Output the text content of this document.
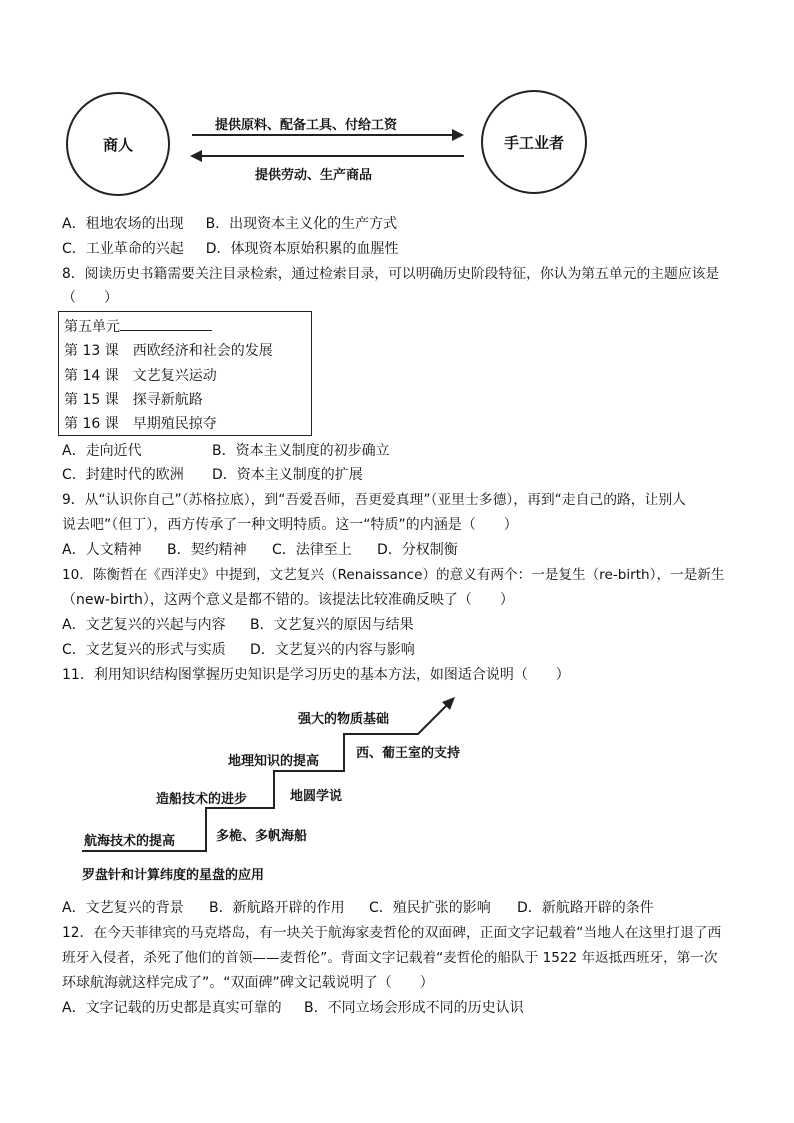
商人	手工业者
提供原料、配备工具、付给工资
提供劳动、生产商品
A．租地农场的出现 B．出现资本主义化的生产方式
C．工业革命的兴起 D．体现资本原始积累的血腥性
8．阅读历史书籍需要关注目录检索，通过检索目录，可以明确历史阶段特征，你认为第五单元的主题应该是
（　　）
第五单元
第 13 课　西欧经济和社会的发展
第 14 课　文艺复兴运动
第 15 课　探寻新航路
第 16 课　早期殖民掠夺
A．走向近代	B．资本主义制度的初步确立
C．封建时代的欧洲 D．资本主义制度的扩展
9．从“认识你自己”（苏格拉底），到“吾爱吾师，吾更爱真理”（亚里士多德），再到“走自己的路，让别人
说去吧”（但丁），西方传承了一种文明特质。这一“特质”的内涵是（　　）
A．人文精神 B．契约精神 C．法律至上 D．分权制衡
10．陈衡哲在《西洋史》中提到，文艺复兴（Renaissance）的意义有两个：一是复生（re-birth），一是新生
（new-birth），这两个意义是都不错的。该提法比较准确反映了（　　）
A．文艺复兴的兴起与内容 B．文艺复兴的原因与结果
C．文艺复兴的形式与实质 D．文艺复兴的内容与影响
11．利用知识结构图掌握历史知识是学习历史的基本方法，如图适合说明（　　）
航海技术的提高
罗盘针和计算纬度的星盘的应用
造船技术的进步
多桅、多帆海船
地理知识的提高
地圆学说
强大的物质基础
西、葡王室的支持
A．文艺复兴的背景 B．新航路开辟的作用 C．殖民扩张的影响 D．新航路开辟的条件
12．在今天菲律宾的马克塔岛，有一块关于航海家麦哲伦的双面碑，正面文字记载着“当地人在这里打退了西
班牙入侵者，杀死了他们的首领——麦哲伦”。背面文字记载着“麦哲伦的船队于 1522 年返抵西班牙，第一次
环球航海就这样完成了”。“双面碑”碑文记载说明了（　　）
A．文字记载的历史都是真实可靠的 B．不同立场会形成不同的历史认识
